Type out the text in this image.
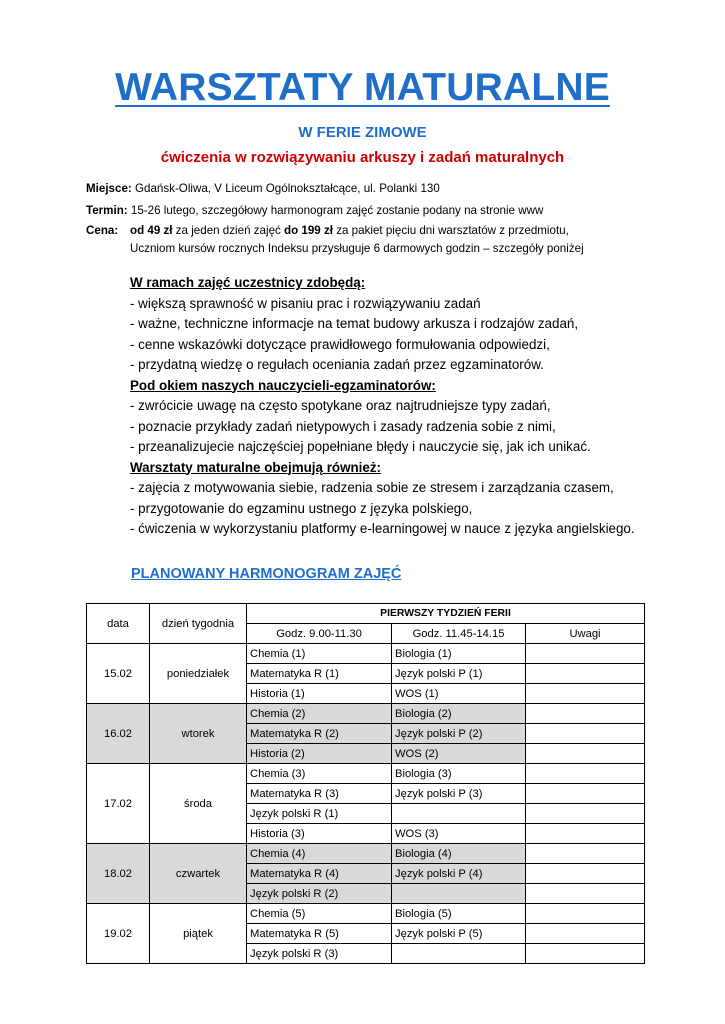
WARSZTATY MATURALNE
W FERIE ZIMOWE
ćwiczenia w rozwiązywaniu arkuszy i zadań maturalnych
Miejsce: Gdańsk-Oliwa, V Liceum Ogólnokształcące, ul. Polanki 130
Termin: 15-26 lutego, szczegółowy harmonogram zajęć zostanie podany na stronie www
Cena: od 49 zł za jeden dzień zajęć do 199 zł za pakiet pięciu dni warsztatów z przedmiotu,
Uczniom kursów rocznych Indeksu przysługuje 6 darmowych godzin – szczegóły poniżej
W ramach zajęć uczestnicy zdobędą:
- większą sprawność w pisaniu prac i rozwiązywaniu zadań
- ważne, techniczne informacje na temat budowy arkusza i rodzajów zadań,
- cenne wskazówki dotyczące prawidłowego formułowania odpowiedzi,
- przydatną wiedzę o regułach oceniania zadań przez egzaminatorów.
Pod okiem naszych nauczycieli-egzaminatorów:
- zwrócicie uwagę na często spotykane oraz najtrudniejsze typy zadań,
- poznacie przykłady zadań nietypowych i zasady radzenia sobie z nimi,
- przeanalizujecie najczęściej popełniane błędy i nauczycie się, jak ich unikać.
Warsztaty maturalne obejmują również:
- zajęcia z motywowania siebie, radzenia sobie ze stresem i zarządzania czasem,
- przygotowanie do egzaminu ustnego z języka polskiego,
- ćwiczenia w wykorzystaniu platformy e-learningowej w nauce z języka angielskiego.
PLANOWANY HARMONOGRAM ZAJĘĆ
data	dzień tygodnia	PIERWSZY TYDZIEŃ FERII		
		Godz. 9.00-11.30	Godz. 11.45-14.15	Uwagi
15.02	poniedziałek	Chemia (1)	Biologia (1)	
		Matematyka R (1)	Język polski P (1)	
		Historia (1)	WOS (1)	
16.02	wtorek	Chemia (2)	Biologia (2)	
		Matematyka R (2)	Język polski P (2)	
		Historia (2)	WOS (2)	
17.02	środa	Chemia (3)	Biologia (3)	
		Matematyka R (3)	Język polski P (3)	
		Język polski R (1)		
		Historia (3)	WOS (3)	
18.02	czwartek	Chemia (4)	Biologia (4)	
		Matematyka R (4)	Język polski P (4)	
		Język polski R (2)		
19.02	piątek	Chemia (5)	Biologia (5)	
		Matematyka R (5)	Język polski P (5)	
		Język polski R (3)		
